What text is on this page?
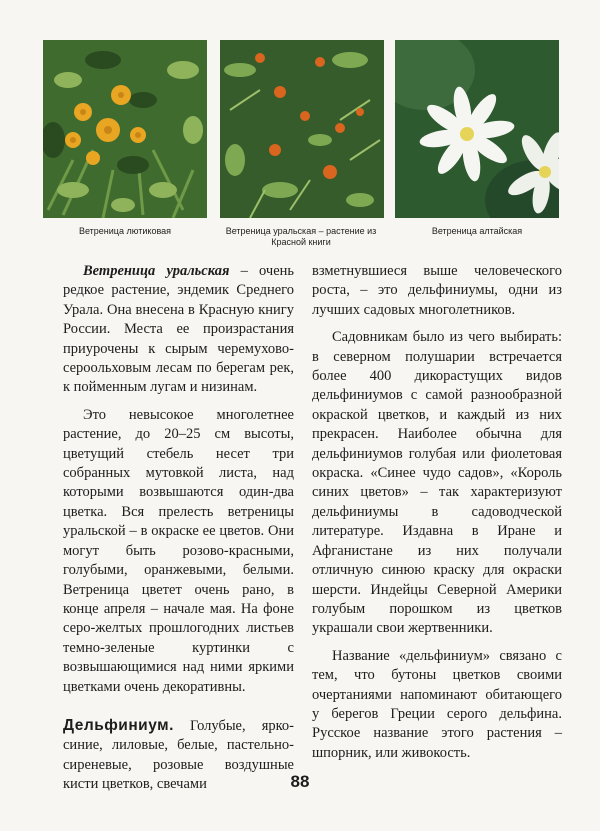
Ветреница лютиковая	Ветреница уральская – растение из Красной книги
Ветреница алтайская

Ветреница уральская – очень редкое растение, эндемик Среднего Урала. Она внесена в Красную книгу России. Места ее произрастания приурочены к сырым черемухово-сероольховым лесам по берегам рек, к пойменным лугам и низинам.

Это невысокое многолетнее растение, до 20–25 см высоты, цветущий стебель несет три собранных мутовкой листа, над которыми возвышаются один-два цветка. Вся прелесть ветреницы уральской – в окраске ее цветов. Они могут быть розово-красными, голубыми, оранжевыми, белыми. Ветреница цветет очень рано, в конце апреля – начале мая. На фоне серо-желтых прошлогодних листьев темно-зеленые куртинки с возвышающимися над ними яркими цветками очень декоративны.

Дельфиниум. Голубые, ярко-синие, лиловые, белые, пастельно-сиреневые, розовые воздушные кисти цветков, свечами

взметнувшиеся выше человеческого роста, – это дельфиниумы, одни из лучших садовых многолетников.

Садовникам было из чего выбирать: в северном полушарии встречается более 400 дикорастущих видов дельфиниумов с самой разнообразной окраской цветков, и каждый из них прекрасен. Наиболее обычна для дельфиниумов голубая или фиолетовая окраска. «Синее чудо садов», «Король синих цветов» – так характеризуют дельфиниумы в садоводческой литературе. Издавна в Иране и Афганистане из них получали отличную синюю краску для окраски шерсти. Индейцы Северной Америки голубым порошком из цветков украшали свои жертвенники.

Название «дельфиниум» связано с тем, что бутоны цветков своими очертаниями напоминают обитающего у берегов Греции серого дельфина. Русское название этого растения – шпорник, или живокость.

88
